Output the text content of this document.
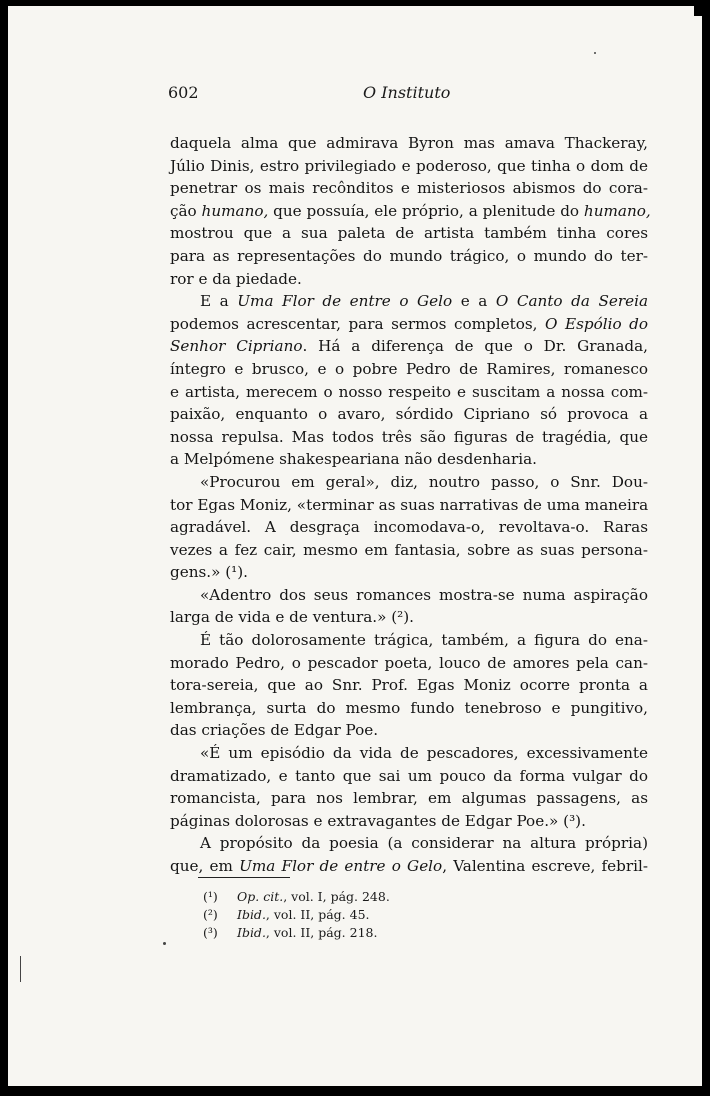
602	O Instituto
daquela alma que admirava Byron mas amava Thackeray,
Júlio Dinis, estro privilegiado e poderoso, que tinha o dom de
penetrar os mais recônditos e misteriosos abismos do cora-
ção humano, que possuía, ele próprio, a plenitude do humano,
mostrou que a sua paleta de artista também tinha cores
para as representações do mundo trágico, o mundo do ter-
ror e da piedade.
E a Uma Flor de entre o Gelo e a O Canto da Sereia
podemos acrescentar, para sermos completos, O Espólio do
Senhor Cipriano. Há a diferença de que o Dr. Granada,
íntegro e brusco, e o pobre Pedro de Ramires, romanesco
e artista, merecem o nosso respeito e suscitam a nossa com-
paixão, enquanto o avaro, sórdido Cipriano só provoca a
nossa repulsa. Mas todos três são figuras de tragédia, que
a Melpómene shakespeariana não desdenharia.
«Procurou em geral», diz, noutro passo, o Snr. Dou-
tor Egas Moniz, «terminar as suas narrativas de uma maneira
agradável. A desgraça incomodava-o, revoltava-o. Raras
vezes a fez cair, mesmo em fantasia, sobre as suas persona-
gens.» (¹).
«Adentro dos seus romances mostra-se numa aspiração
larga de vida e de ventura.» (²).
É tão dolorosamente trágica, também, a figura do ena-
morado Pedro, o pescador poeta, louco de amores pela can-
tora-sereia, que ao Snr. Prof. Egas Moniz ocorre pronta a
lembrança, surta do mesmo fundo tenebroso e pungitivo,
das criações de Edgar Poe.
«É um episódio da vida de pescadores, excessivamente
dramatizado, e tanto que sai um pouco da forma vulgar do
romancista, para nos lembrar, em algumas passagens, as
páginas dolorosas e extravagantes de Edgar Poe.» (³).
A propósito da poesia (a considerar na altura própria)
que, em Uma Flor de entre o Gelo, Valentina escreve, febril-
(¹) Op. cit., vol. I, pág. 248.
(²) Ibid., vol. II, pág. 45.
(³) Ibid., vol. II, pág. 218.
